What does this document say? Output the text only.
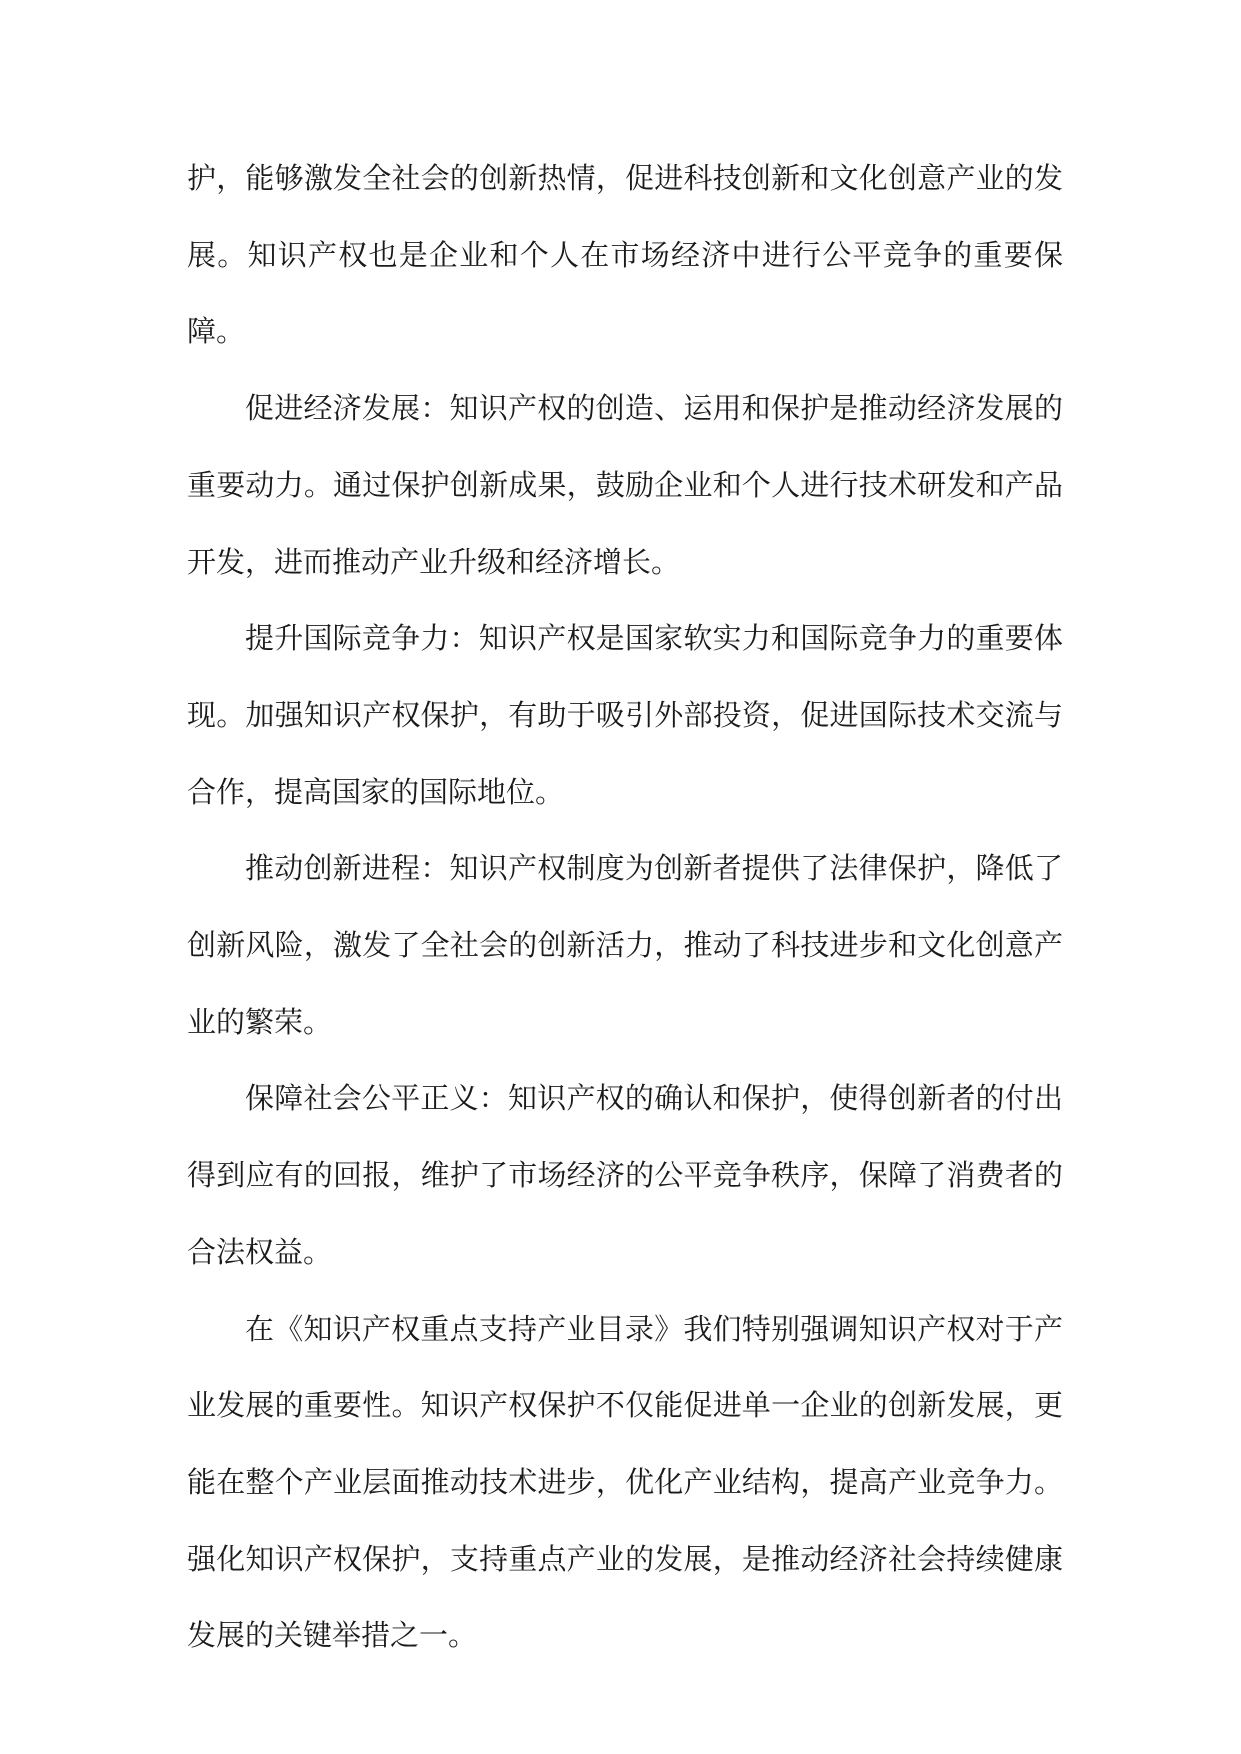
护，能够激发全社会的创新热情，促进科技创新和文化创意产业的发展。知识产权也是企业和个人在市场经济中进行公平竞争的重要保障。

促进经济发展：知识产权的创造、运用和保护是推动经济发展的重要动力。通过保护创新成果，鼓励企业和个人进行技术研发和产品开发，进而推动产业升级和经济增长。

提升国际竞争力：知识产权是国家软实力和国际竞争力的重要体现。加强知识产权保护，有助于吸引外部投资，促进国际技术交流与合作，提高国家的国际地位。

推动创新进程：知识产权制度为创新者提供了法律保护，降低了创新风险，激发了全社会的创新活力，推动了科技进步和文化创意产业的繁荣。

保障社会公平正义：知识产权的确认和保护，使得创新者的付出得到应有的回报，维护了市场经济的公平竞争秩序，保障了消费者的合法权益。

在《知识产权重点支持产业目录》我们特别强调知识产权对于产业发展的重要性。知识产权保护不仅能促进单一企业的创新发展，更能在整个产业层面推动技术进步，优化产业结构，提高产业竞争力。强化知识产权保护，支持重点产业的发展，是推动经济社会持续健康发展的关键举措之一。
